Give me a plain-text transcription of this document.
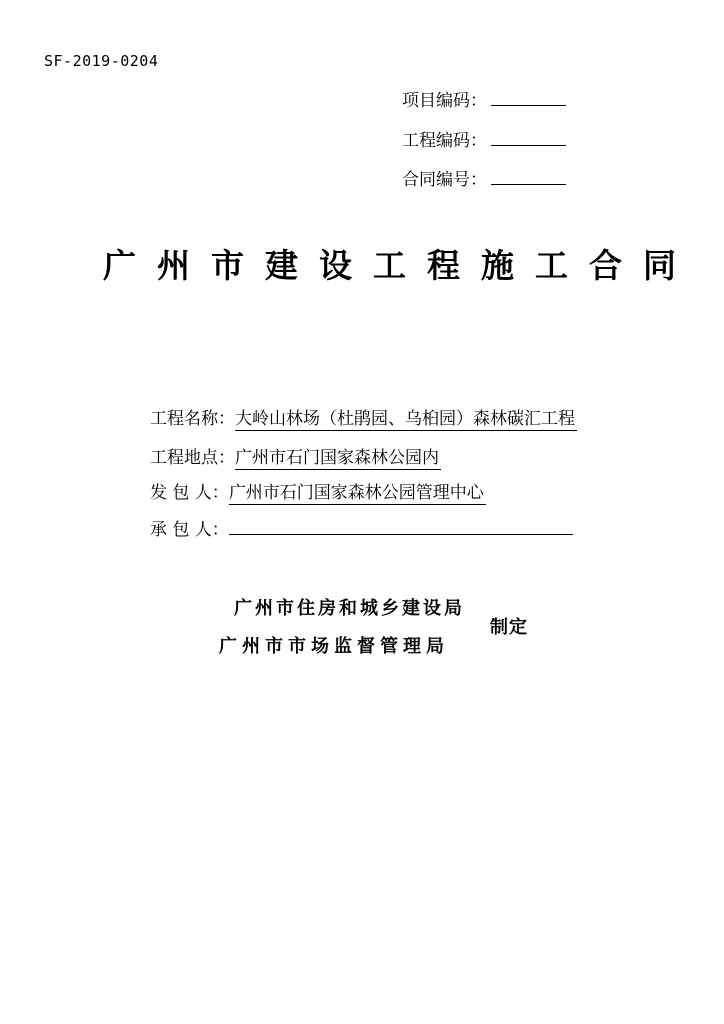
SF-2019-0204
项目编码：
工程编码：
合同编号：
广州市建设工程施工合同
工程名称：大岭山林场（杜鹃园、乌桕园）森林碳汇工程
工程地点：广州市石门国家森林公园内
发 包 人：广州市石门国家森林公园管理中心
承 包 人：
广州市住房和城乡建设局
广州市市场监督管理局
制定
